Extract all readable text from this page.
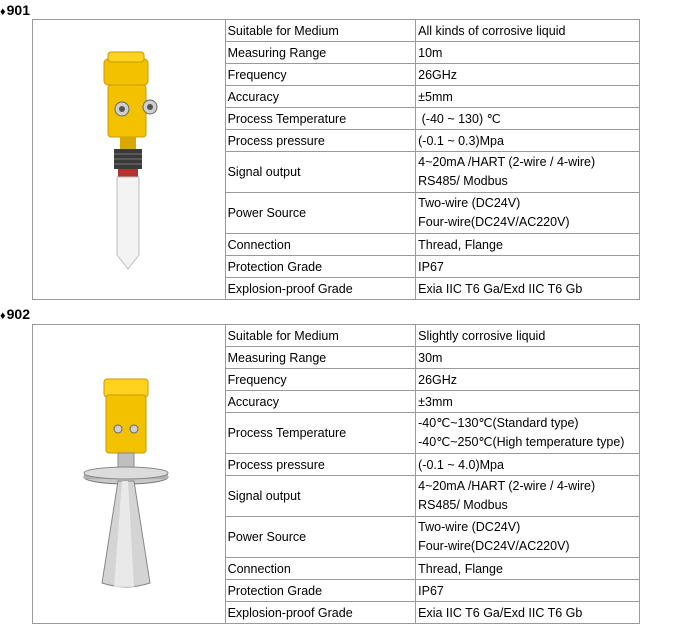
♦901
	Suitable for Medium	All kinds of corrosive liquid
	Measuring Range	10m
	Frequency	26GHz
	Accuracy	±5mm
	Process Temperature	(-40 ~ 130) ℃
	Process pressure	(-0.1 ~ 0.3)Mpa
	Signal output	4~20mA /HART (2-wire / 4-wire)
RS485/ Modbus

	Power Source	Two-wire (DC24V)
Four-wire(DC24V/AC220V)

	Connection	Thread, Flange
	Protection Grade	IP67
	Explosion-proof Grade	Exia IIC T6 Ga/Exd IIC T6 Gb
♦902
	Suitable for Medium	Slightly corrosive liquid
	Measuring Range	30m
	Frequency	26GHz
	Accuracy	±3mm
	Process Temperature	-40℃~130℃(Standard type)
-40℃~250℃(High temperature type)

	Process pressure	(-0.1 ~ 4.0)Mpa
	Signal output	4~20mA /HART (2-wire / 4-wire)
RS485/ Modbus

	Power Source	Two-wire (DC24V)
Four-wire(DC24V/AC220V)

	Connection	Thread, Flange
	Protection Grade	IP67
	Explosion-proof Grade	Exia IIC T6 Ga/Exd IIC T6 Gb
